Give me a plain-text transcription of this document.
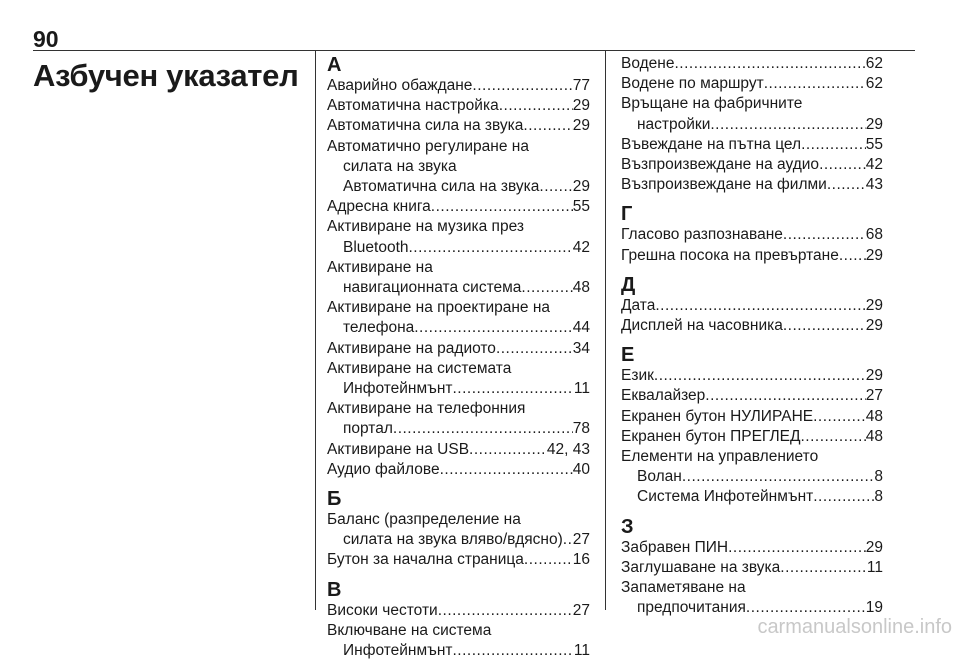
90
Азбучен указател А
Аварийно обаждане .....	77
Автоматична настройка .....	29
Автоматична сила на звука .....	29
Автоматично регулиране на
силата на звука
Автоматична сила на звука ..... 29
Адресна книга .....	55
Активиране на музика през
Bluetooth .....	42
Активиране на
навигационната система .....	48
Активиране на проектиране на
телефона .....	44
Активиране на радиото .....	34
Активиране на системата
Инфотейнмънт .....	11
Активиране на телефонния
портал .....	78
Активиране на USB .....	42, 43
Аудио файлове .....	40
Б
Баланс (разпределение на
силата на звука вляво/вдясно) ..... 27
Бутон за начална страница .....	16
В
Високи честоти .....	27
Включване на система
Инфотейнмънт .....	11
Водене .....	62
Водене по маршрут .....	62
Връщане на фабричните
настройки .....	29
Въвеждане на пътна цел .....	55
Възпроизвеждане на аудио .....	42
Възпроизвеждане на филми .....	43
Г
Гласово разпознаване .....	68
Грешна посока на превъртане ..... 29
Д
Дата .....	29
Дисплей на часовника .....	29
Е
Език .....	29
Еквалайзер .....	27
Екранен бутон НУЛИРАНЕ .....	48
Екранен бутон ПРЕГЛЕД .....	48
Елементи на управлението
Волан .....	8
Система Инфотейнмънт .....	8
З
Забравен ПИН .....	29
Заглушаване на звука .....	11
Запаметяване на
предпочитания .....	19
carmanualsonline.info
